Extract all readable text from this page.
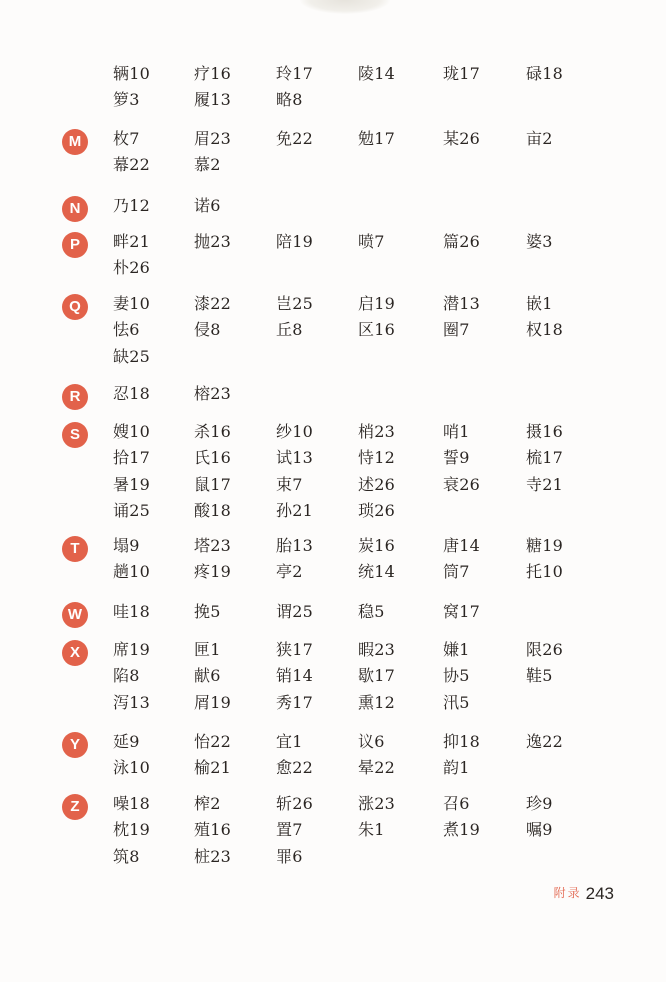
辆10	疗16	玲17	陵14	珑17	碌18
箩3	履13	略8
M	枚7	眉23	免22	勉17	某26	亩2
幕22	慕2
N	乃12	诺6
P	畔21	抛23	陪19	喷7	篇26	婆3
朴26
Q	妻10	漆22	岂25	启19	潜13	嵌1
怯6	侵8	丘8	区16	圈7	权18
缺25
R	忍18	榕23
S	嫂10	杀16	纱10	梢23	哨1	摄16
拾17	氏16	试13	恃12	誓9	梳17
暑19	鼠17	束7	述26	衰26	寺21
诵25	酸18	孙21	琐26
T	塌9	塔23	胎13	炭16	唐14	糖19
趟10	疼19	亭2	统14	筒7	托10
W	哇18	挽5	谓25	稳5	窝17
X	席19	匣1	狭17	暇23	嫌1	限26
陷8	献6	销14	歇17	协5	鞋5
泻13	屑19	秀17	熏12	汛5
Y	延9	怡22	宜1	议6	抑18	逸22
泳10	榆21	愈22	晕22	韵1
Z	噪18	榨2	斩26	涨23	召6	珍9
枕19	殖16	置7	朱1	煮19	嘱9
筑8	桩23	罪6
附录 243
